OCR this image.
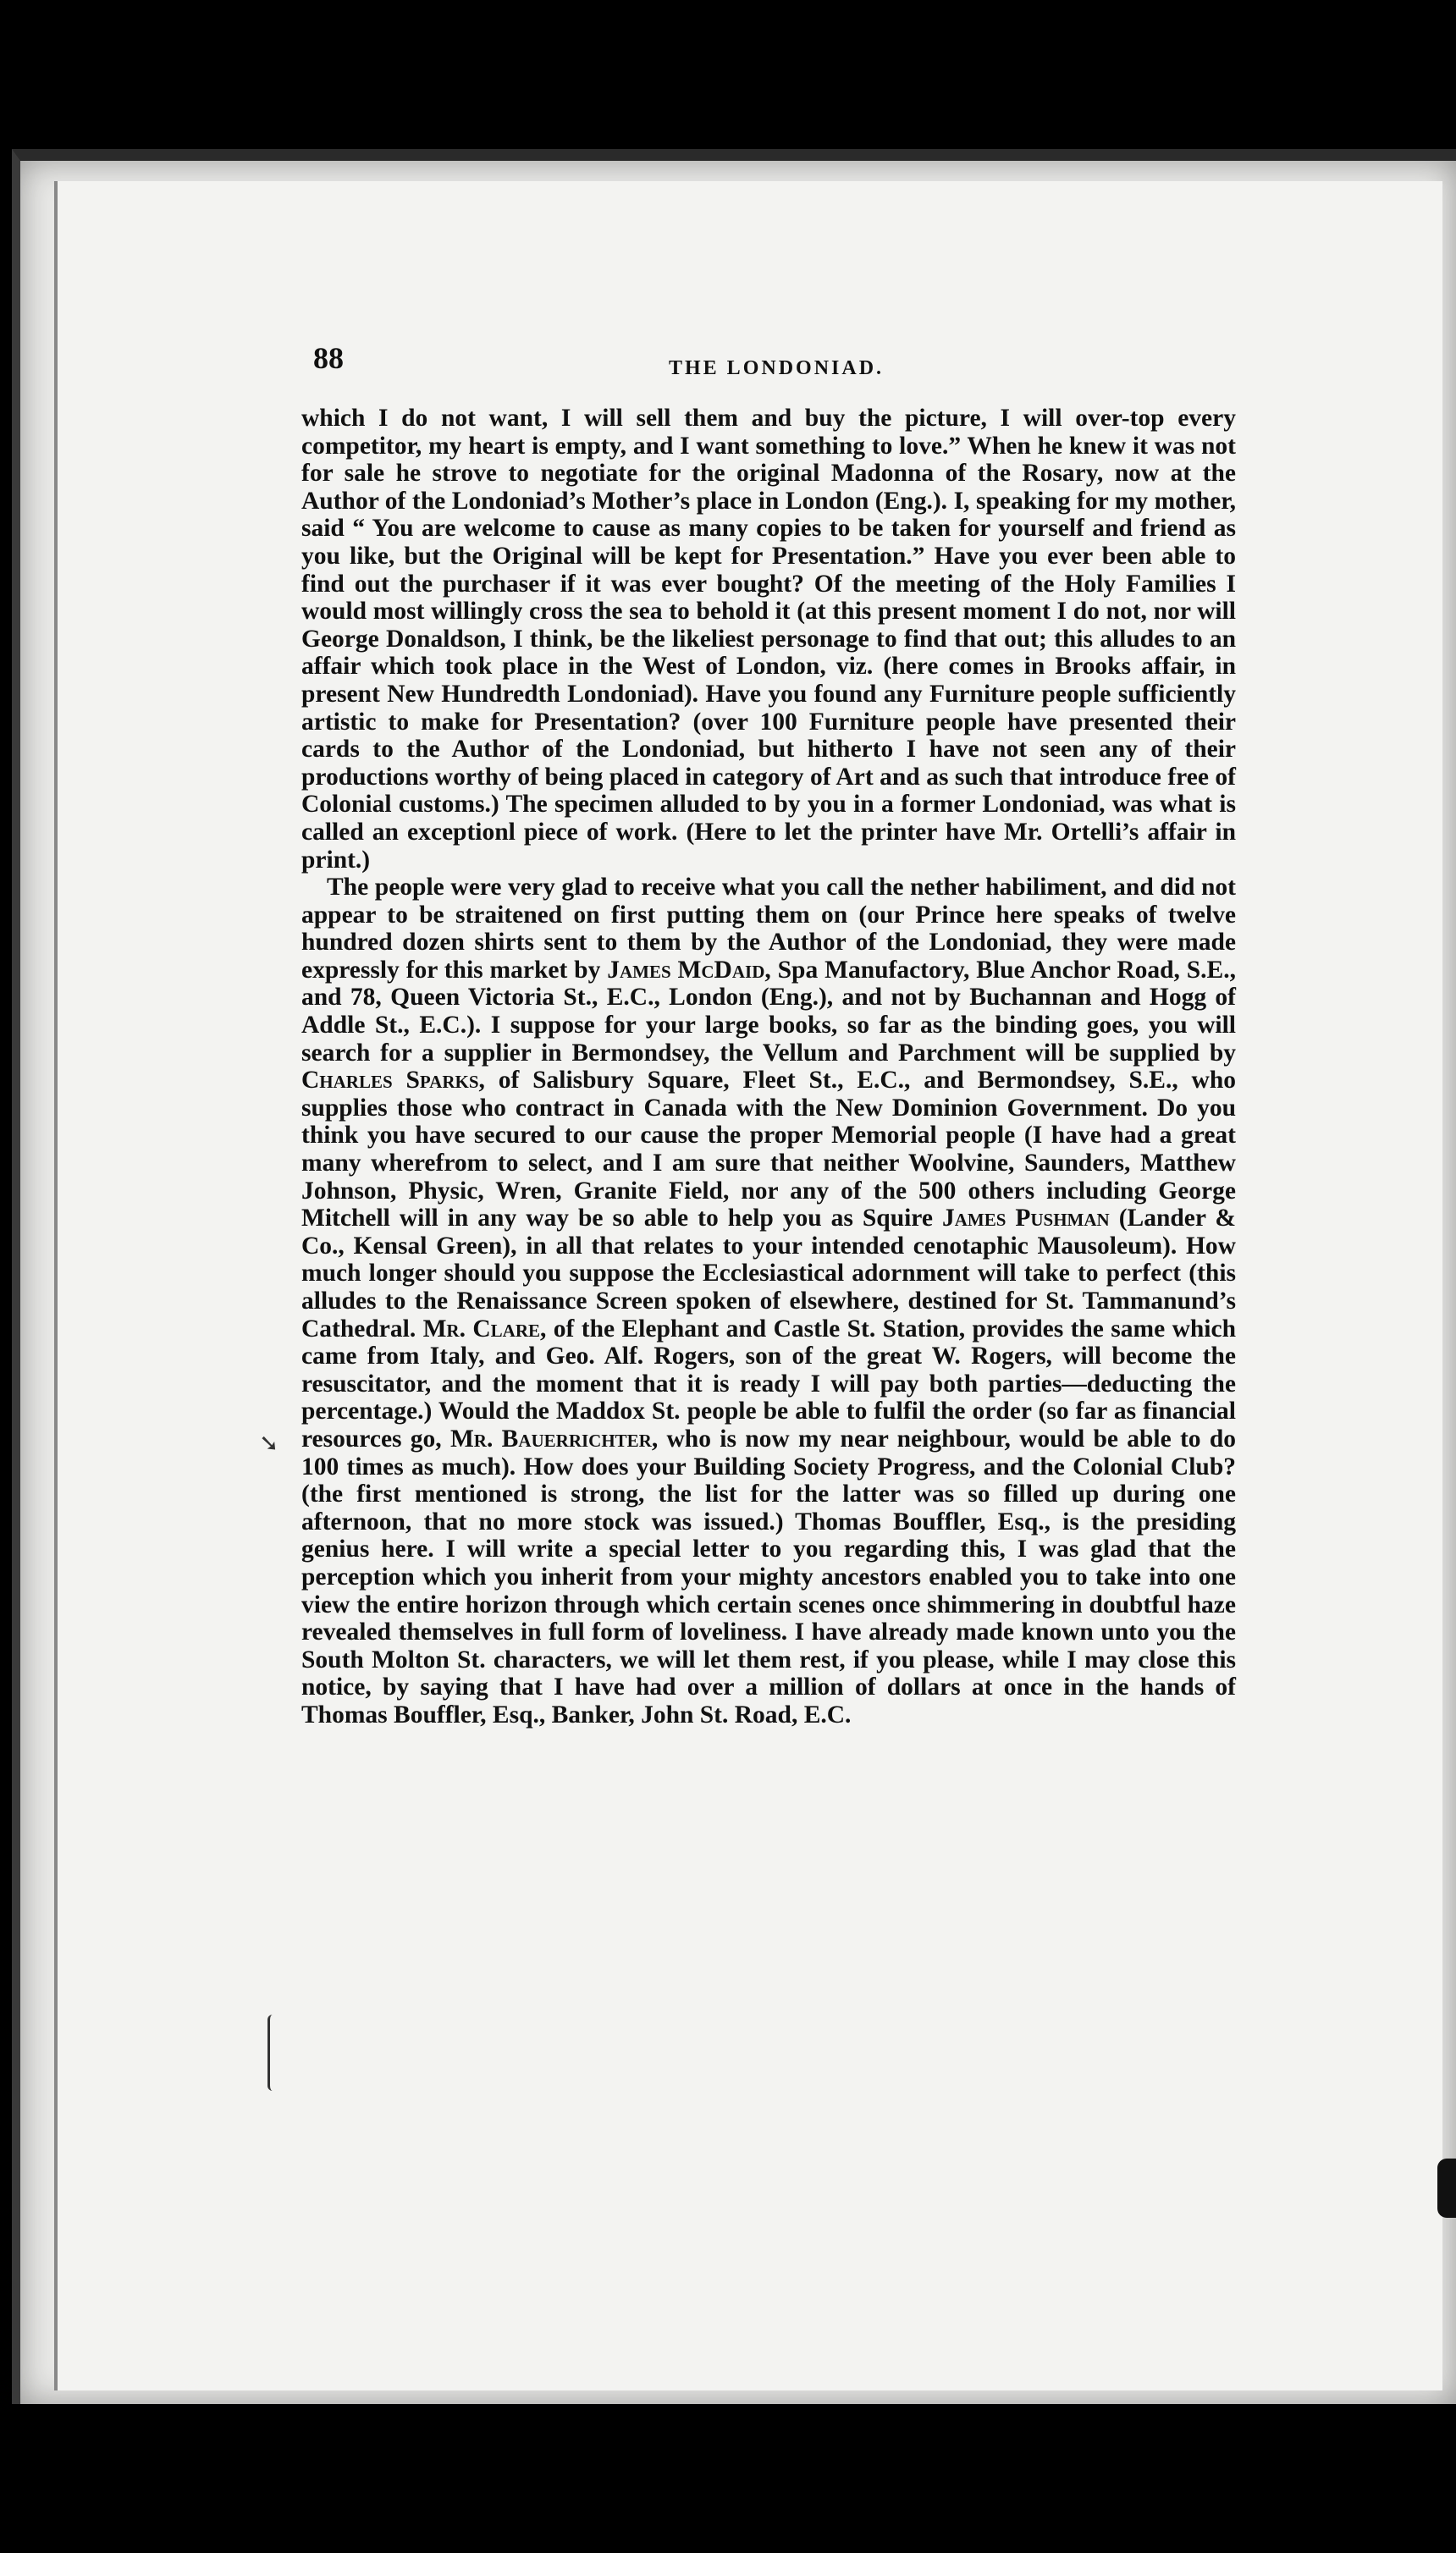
88	THE LONDONIAD.
➘

which I do not want, I will sell them and buy the picture, I will over-top every competitor, my heart is empty, and I want something to love.” When he knew it was not for sale he strove to negotiate for the original Madonna of the Rosary, now at the Author of the Londoniad’s Mother’s place in London (Eng.). I, speaking for my mother, said “ You are welcome to cause as many copies to be taken for yourself and friend as you like, but the Original will be kept for Presentation.” Have you ever been able to find out the purchaser if it was ever bought? Of the meeting of the Holy Families I would most willingly cross the sea to behold it (at this present moment I do not, nor will George Donaldson, I think, be the likeliest personage to find that out; this alludes to an affair which took place in the West of London, viz. (here comes in Brooks affair, in present New Hundredth Londoniad). Have you found any Furniture people sufficiently artistic to make for Presentation? (over 100 Furniture people have presented their cards to the Author of the Londoniad, but hitherto I have not seen any of their productions worthy of being placed in category of Art and as such that introduce free of Colonial customs.) The specimen alluded to by you in a former Londoniad, was what is called an exceptionl piece of work. (Here to let the printer have Mr. Ortelli’s affair in print.)

The people were very glad to receive what you call the nether habiliment, and did not appear to be straitened on first putting them on (our Prince here speaks of twelve hundred dozen shirts sent to them by the Author of the Londoniad, they were made expressly for this market by James McDaid, Spa Manufactory, Blue Anchor Road, S.E., and 78, Queen Victoria St., E.C., London (Eng.), and not by Buchannan and Hogg of Addle St., E.C.). I suppose for your large books, so far as the binding goes, you will search for a supplier in Bermondsey, the Vellum and Parchment will be supplied by Charles Sparks, of Salisbury Square, Fleet St., E.C., and Bermondsey, S.E., who supplies those who contract in Canada with the New Dominion Government. Do you think you have secured to our cause the proper Memorial people (I have had a great many wherefrom to select, and I am sure that neither Woolvine, Saunders, Matthew Johnson, Physic, Wren, Granite Field, nor any of the 500 others including George Mitchell will in any way be so able to help you as Squire James Pushman (Lander & Co., Kensal Green), in all that relates to your intended cenotaphic Mausoleum). How much longer should you suppose the Ecclesiastical adornment will take to perfect (this alludes to the Renaissance Screen spoken of elsewhere, destined for St. Tammanund’s Cathedral. Mr. Clare, of the Elephant and Castle St. Station, provides the same which came from Italy, and Geo. Alf. Rogers, son of the great W. Rogers, will become the resuscitator, and the moment that it is ready I will pay both parties—deducting the percentage.) Would the Maddox St. people be able to fulfil the order (so far as financial resources go, Mr. Bauerrichter, who is now my near neighbour, would be able to do 100 times as much). How does your Building Society Progress, and the Colonial Club? (the first mentioned is strong, the list for the latter was so filled up during one afternoon, that no more stock was issued.) Thomas Bouffler, Esq., is the presiding genius here. I will write a special letter to you regarding this, I was glad that the perception which you inherit from your mighty ancestors enabled you to take into one view the entire horizon through which certain scenes once shimmering in doubtful haze revealed themselves in full form of loveliness. I have already made known unto you the South Molton St. characters, we will let them rest, if you please, while I may close this notice, by saying that I have had over a million of dollars at once in the hands of Thomas Bouffler, Esq., Banker, John St. Road, E.C.
